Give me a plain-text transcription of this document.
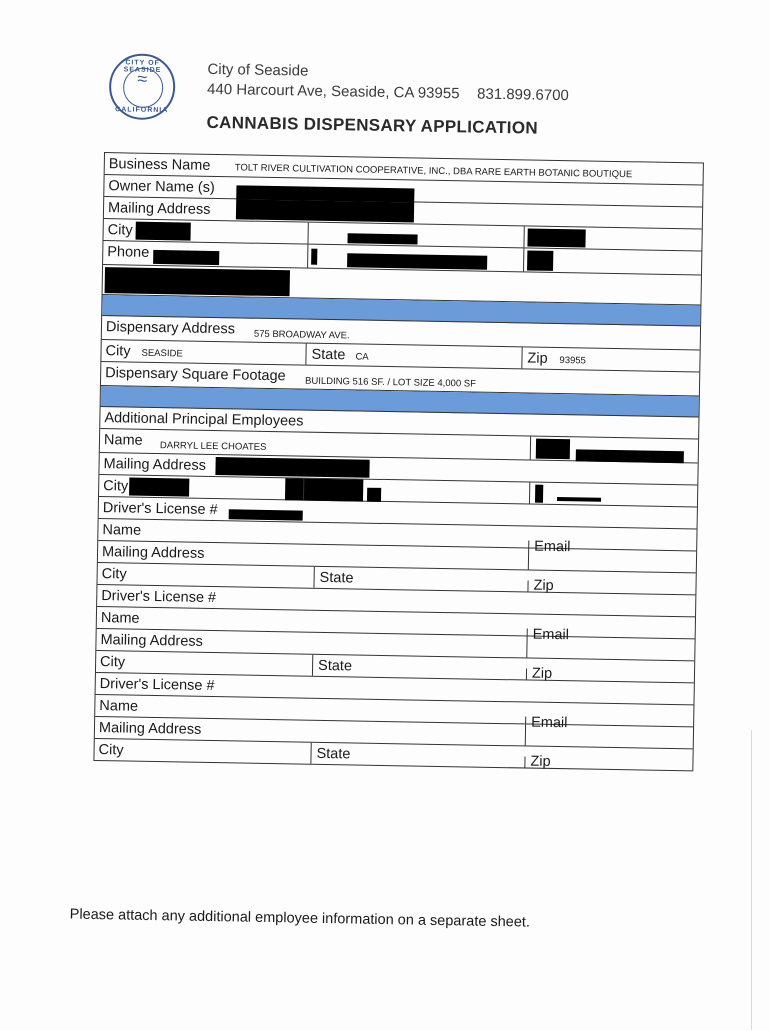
CITY OF SEASIDE
≈
CALIFORNIA
City of Seaside
440 Harcourt Ave, Seaside, CA 93955 831.899.6700
CANNABIS DISPENSARY APPLICATION
Business Name	TOLT RIVER CULTIVATION COOPERATIVE, INC., DBA RARE EARTH BOTANIC BOUTIQUE
Owner Name (s)
Mailing Address
City
Phone
Dispensary Address 575 BROADWAY AVE.
City SEASIDE	State CA	Zip 93955
Dispensary Square Footage BUILDING 516 SF. / LOT SIZE 4,000 SF
Additional Principal Employees
Name DARRYL LEE CHOATES
Mailing Address
City
Driver's License #
Name
Mailing Address	Email
City	State	Zip
Driver's License #
Name
Mailing Address	Email
City	State	Zip
Driver's License #
Name
Mailing Address	Email
City	State	Zip
Please attach any additional employee information on a separate sheet.
